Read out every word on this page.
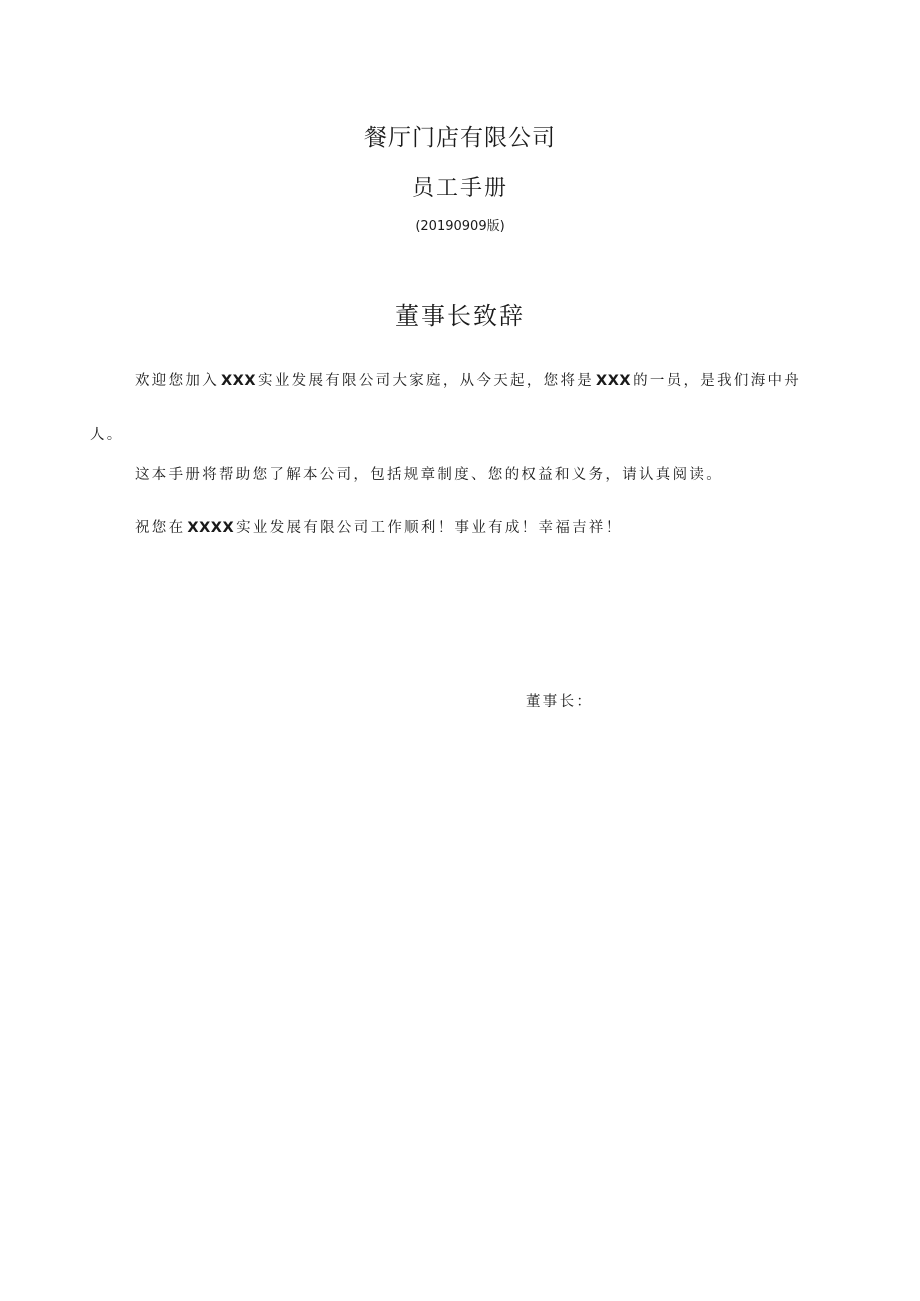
餐厅门店有限公司
员工手册
(20190909版)
董事长致辞

欢迎您加入 XXX 实业发展有限公司大家庭，从今天起，您将是 XXX 的一员，是我们海中舟人。

这本手册将帮助您了解本公司，包括规章制度、您的权益和义务，请认真阅读。

祝您在 XXXX 实业发展有限公司工作顺利！事业有成！幸福吉祥！

董事长：
